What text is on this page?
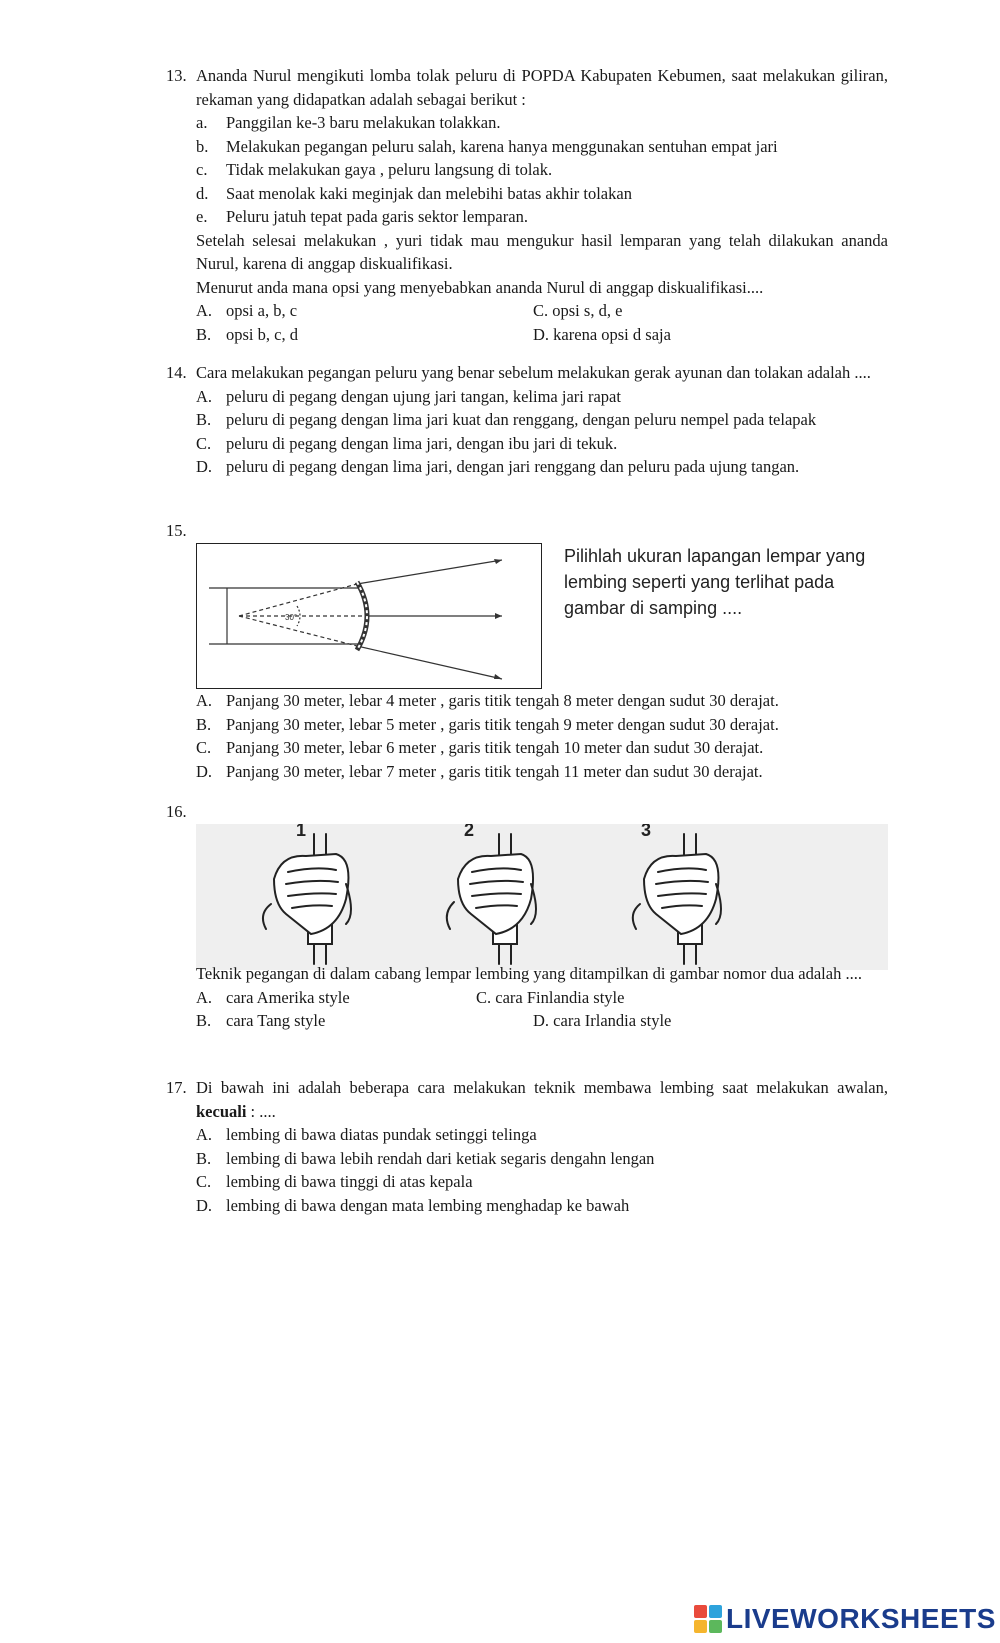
13. Ananda Nurul mengikuti lomba tolak peluru di POPDA Kabupaten Kebumen, saat melakukan giliran, rekaman yang didapatkan adalah sebagai berikut :
a. Panggilan ke-3 baru melakukan tolakkan.
b. Melakukan pegangan peluru salah, karena hanya menggunakan sentuhan empat jari
c. Tidak melakukan gaya , peluru langsung di tolak.
d. Saat menolak kaki meginjak dan melebihi batas akhir tolakan
e. Peluru jatuh tepat pada garis sektor lemparan.
Setelah selesai melakukan , yuri tidak mau mengukur hasil lemparan yang telah dilakukan ananda Nurul, karena di anggap diskualifikasi.
Menurut anda mana opsi yang menyebabkan ananda Nurul di anggap diskualifikasi....
A. opsi a, b, c	C. opsi s, d, e
B. opsi b, c, d	D. karena opsi d saja
14. Cara melakukan pegangan peluru yang benar sebelum melakukan gerak ayunan dan tolakan adalah ....
A. peluru di pegang dengan ujung jari tangan, kelima jari rapat
B. peluru di pegang dengan lima jari kuat dan renggang, dengan peluru nempel pada telapak
C. peluru di pegang dengan lima jari, dengan ibu jari di tekuk.
D. peluru di pegang dengan lima jari, dengan jari renggang dan peluru pada ujung tangan.
15.
30°
Pilihlah ukuran lapangan lempar yang lembing seperti yang terlihat pada gambar di samping ....
A. Panjang 30 meter, lebar 4 meter , garis titik tengah 8 meter dengan sudut 30 derajat.
B. Panjang 30 meter, lebar 5 meter , garis titik tengah 9 meter dengan sudut 30 derajat.
C. Panjang 30 meter, lebar 6 meter , garis titik tengah 10 meter dan sudut 30 derajat.
D. Panjang 30 meter, lebar 7 meter , garis titik tengah 11 meter dan sudut 30 derajat.
16.
1	2	3
Teknik pegangan di dalam cabang lempar lembing yang ditampilkan di gambar nomor dua adalah ....
A. cara Amerika style	C. cara Finlandia style
B. cara Tang style	D. cara Irlandia style
17. Di bawah ini adalah beberapa cara melakukan teknik membawa lembing saat melakukan awalan, kecuali : ....
A. lembing di bawa diatas pundak setinggi telinga
B. lembing di bawa lebih rendah dari ketiak segaris dengahn lengan
C. lembing di bawa tinggi di atas kepala
D. lembing di bawa dengan mata lembing menghadap ke bawah
LIVEWORKSHEETS
